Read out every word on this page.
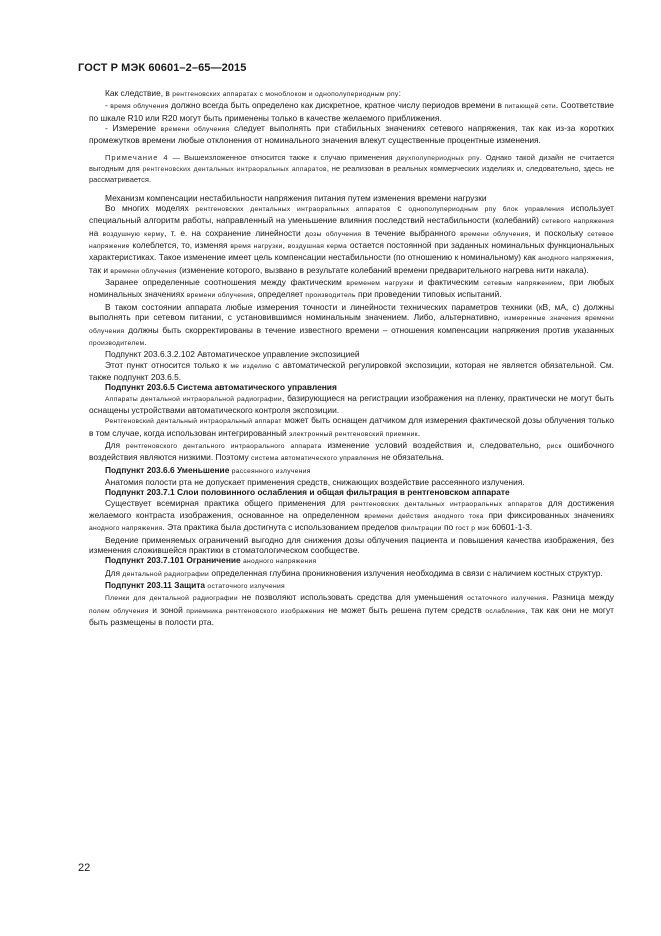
ГОСТ Р МЭК 60601–2–65—2015

Как следствие, в рентгеновских аппаратах с моноблоком и однополупериодным рпу:

- время облучения должно всегда быть определено как дискретное, кратное числу периодов времени в питающей сети. Соответствие по шкале R10 или R20 могут быть применены только в качестве желаемого приближения.

- Измерение времени облучения следует выполнять при стабильных значениях сетевого напряжения, так как из-за коротких промежутков времени любые отклонения от номинального значения влекут существенные процентные изменения.

Примечание 4 — Вышеизложенное относится также к случаю применения двухполупериодных рпу. Однако такой дизайн не считается выгодным для рентгеновских дентальных интраоральных аппаратов, не реализован в реальных коммерческих изделиях и, следовательно, здесь не рассматривается.

Механизм компенсации нестабильности напряжения питания путем изменения времени нагрузки

Во многих моделях рентгеновских дентальных интраоральных аппаратов с однополупериодным рпу блок управления использует специальный алгоритм работы, направленный на уменьшение влияния последствий нестабильности (колебаний) сетевого напряжения на воздушную керму, т. е. на сохранение линейности дозы облучения в течение выбранного времени облучения, и поскольку сетевое напряжение колеблется, то, изменяя время нагрузки, воздушная керма остается постоянной при заданных номинальных функциональных характеристиках. Такое изменение имеет цель компенсации нестабильности (по отношению к номинальному) как анодного напряжения, так и времени облучения (изменение которого, вызвано в результате колебаний времени предварительного нагрева нити накала).

Заранее определенные соотношения между фактическим временем нагрузки и фактическим сетевым напряжением, при любых номинальных значениях времени облучения, определяет производитель при проведении типовых испытаний.

В таком состоянии аппарата любые измерения точности и линейности технических параметров техники (кВ, мА, с) должны выполнять при сетевом питании, с установившимся номинальным значением. Либо, альтернативно, измеренные значения времени облучения должны быть скорректированы в течение известного времени – отношения компенсации напряжения против указанных производителем.

Подпункт 203.6.3.2.102 Автоматическое управление экспозицией

Этот пункт относится только к ме изделию с автоматической регулировкой экспозиции, которая не является обязательной. См. также подпункт 203.6.5.

Подпункт 203.6.5 Система автоматического управления

Аппараты дентальной интраоральной радиографии, базирующиеся на регистрации изображения на пленку, практически не могут быть оснащены устройствами автоматического контроля экспозиции.

Рентгеновский дентальный интраоральный аппарат может быть оснащен датчиком для измерения фактической дозы облучения только в том случае, когда использован интегрированный электронный рентгеновский приемник.

Для рентгеновского дентального интраорального аппарата изменение условий воздействия и, следовательно, риск ошибочного воздействия являются низкими. Поэтому система автоматического управления не обязательна.

Подпункт 203.6.6 Уменьшение рассеянного излучения

Анатомия полости рта не допускает применения средств, снижающих воздействие рассеянного излучения.

Подпункт 203.7.1 Слои половинного ослабления и общая фильтрация в рентгеновском аппарате

Существует всемирная практика общего применения для рентгеновских дентальных интраоральных аппаратов для достижения желаемого контраста изображения, основанное на определенном времени действия анодного тока при фиксированных значениях анодного напряжения. Эта практика была достигнута с использованием пределов фильтрации по гост р мэк 60601-1-3.

Ведение применяемых ограничений выгодно для снижения дозы облучения пациента и повышения качества изображения, без изменения сложившейся практики в стоматологическом сообществе.

Подпункт 203.7.101 Ограничение анодного напряжения

Для дентальной радиографии определенная глубина проникновения излучения необходима в связи с наличием костных структур.

Подпункт 203.11 Защита остаточного излучения

Пленки для дентальной радиографии не позволяют использовать средства для уменьшения остаточного излучения. Разница между полем облучения и зоной приемника рентгеновского изображения не может быть решена путем средств ослабления, так как они не могут быть размещены в полости рта.

22
